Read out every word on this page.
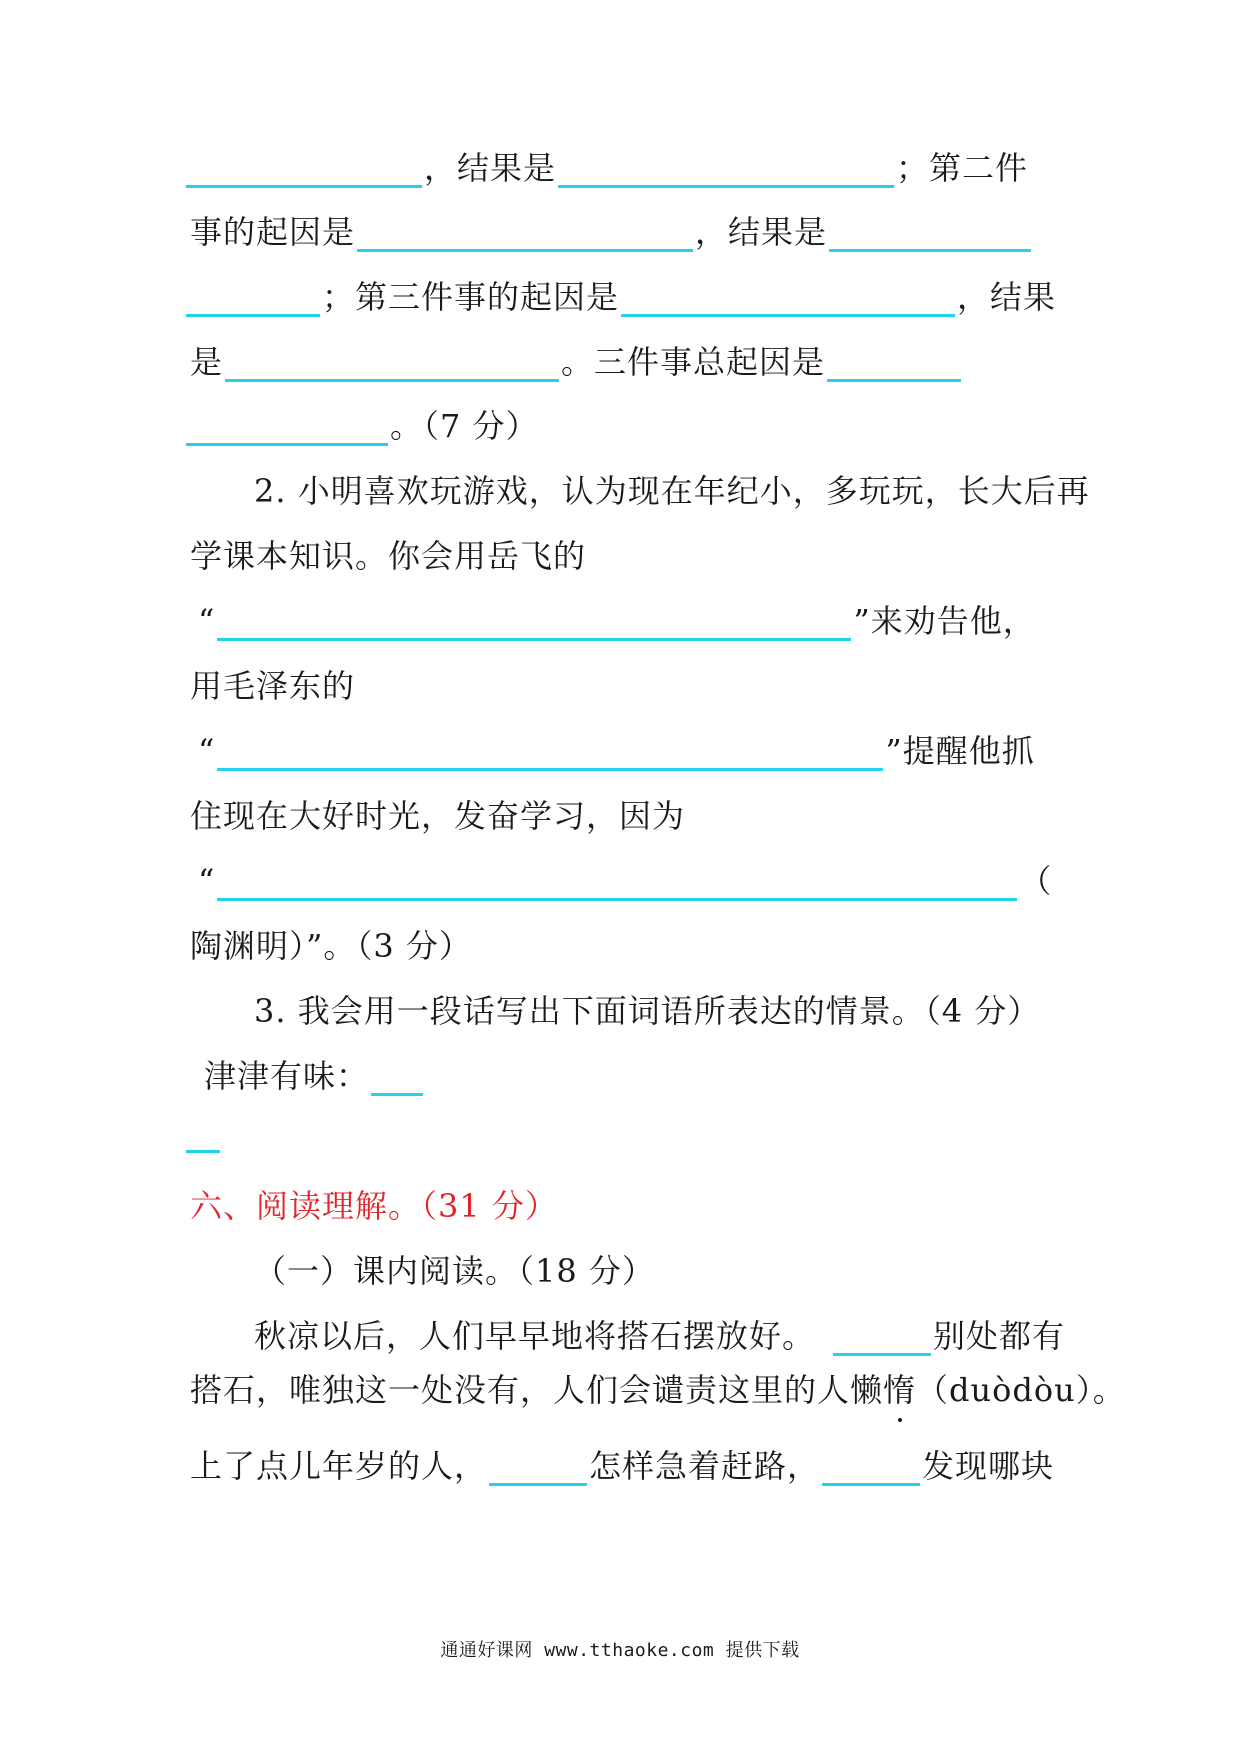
，结果是	；第二件
事的起因是	，结果是
；第三件事的起因是	，结果
是	。三件事总起因是
。（7 分）
2. 小明喜欢玩游戏，认为现在年纪小，多玩玩，长大后再
学课本知识。你会用岳飞的
“	”来劝告他，
用毛泽东的
“	”提醒他抓
住现在大好时光，发奋学习，因为
“	（
陶渊明）”。（3 分）
3. 我会用一段话写出下面词语所表达的情景。（4 分）
津津有味：
六、阅读理解。（31 分）
（一）课内阅读。（18 分）
秋凉以后，人们早早地将搭石摆放好。	别处都有
搭石，唯独这一处没有，人们会谴责这里的人懒 惰 （duòdòu）。
上了点儿年岁的人，	怎样急着赶路，	发现哪块
通通好课网 www.tthaoke.com 提供下载
